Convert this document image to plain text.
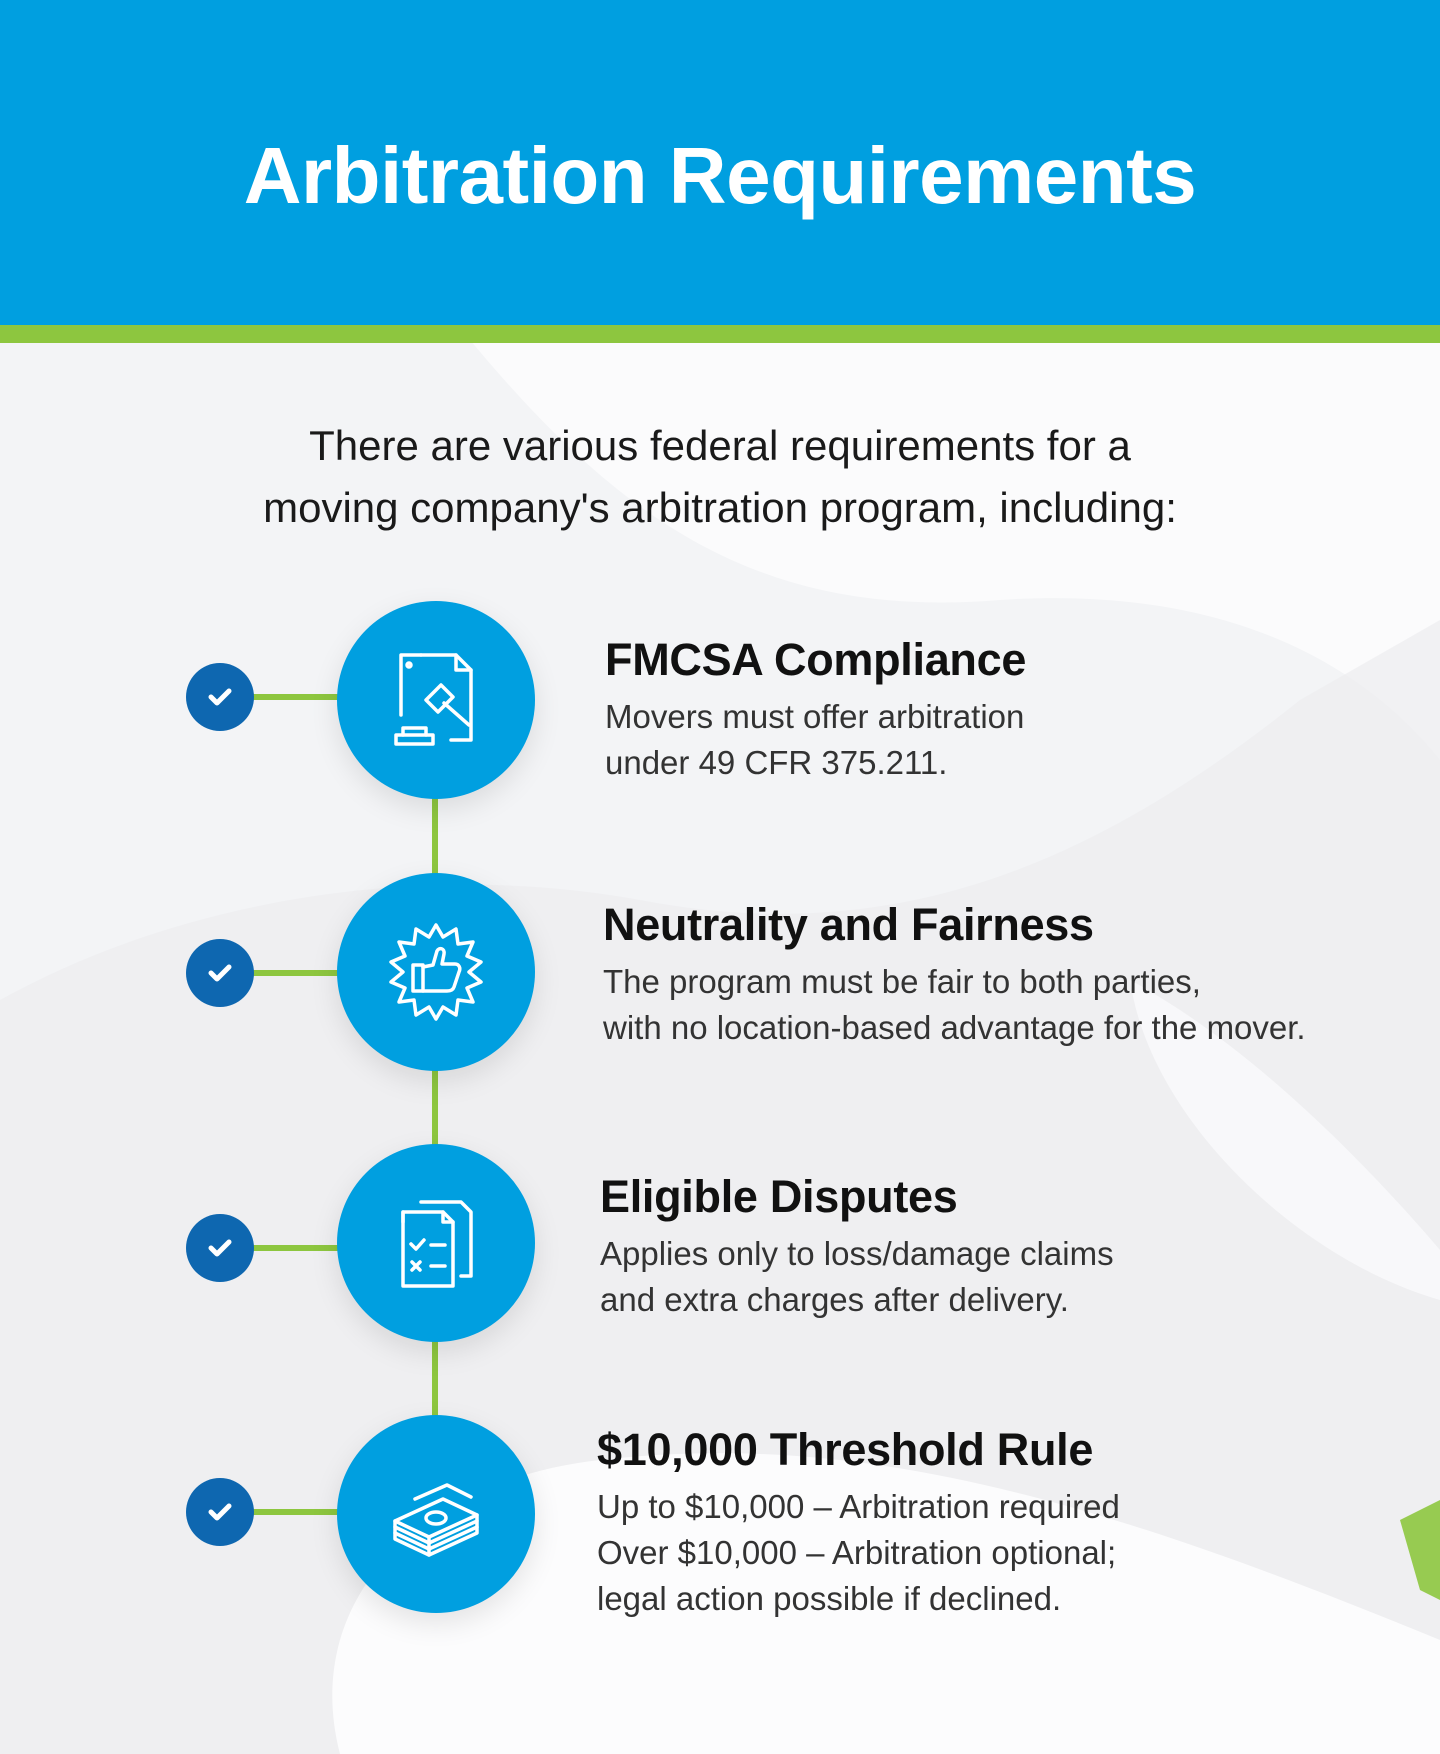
Arbitration Requirements
There are various federal requirements for a
moving company's arbitration program, including:

FMCSA Compliance

Movers must offer arbitration

under 49 CFR 375.211.

Neutrality and Fairness

The program must be fair to both parties,

with no location-based advantage for the mover.

Eligible Disputes

Applies only to loss/damage claims

and extra charges after delivery.

$10,000 Threshold Rule

Up to $10,000 – Arbitration required

Over $10,000 – Arbitration optional;

legal action possible if declined.
